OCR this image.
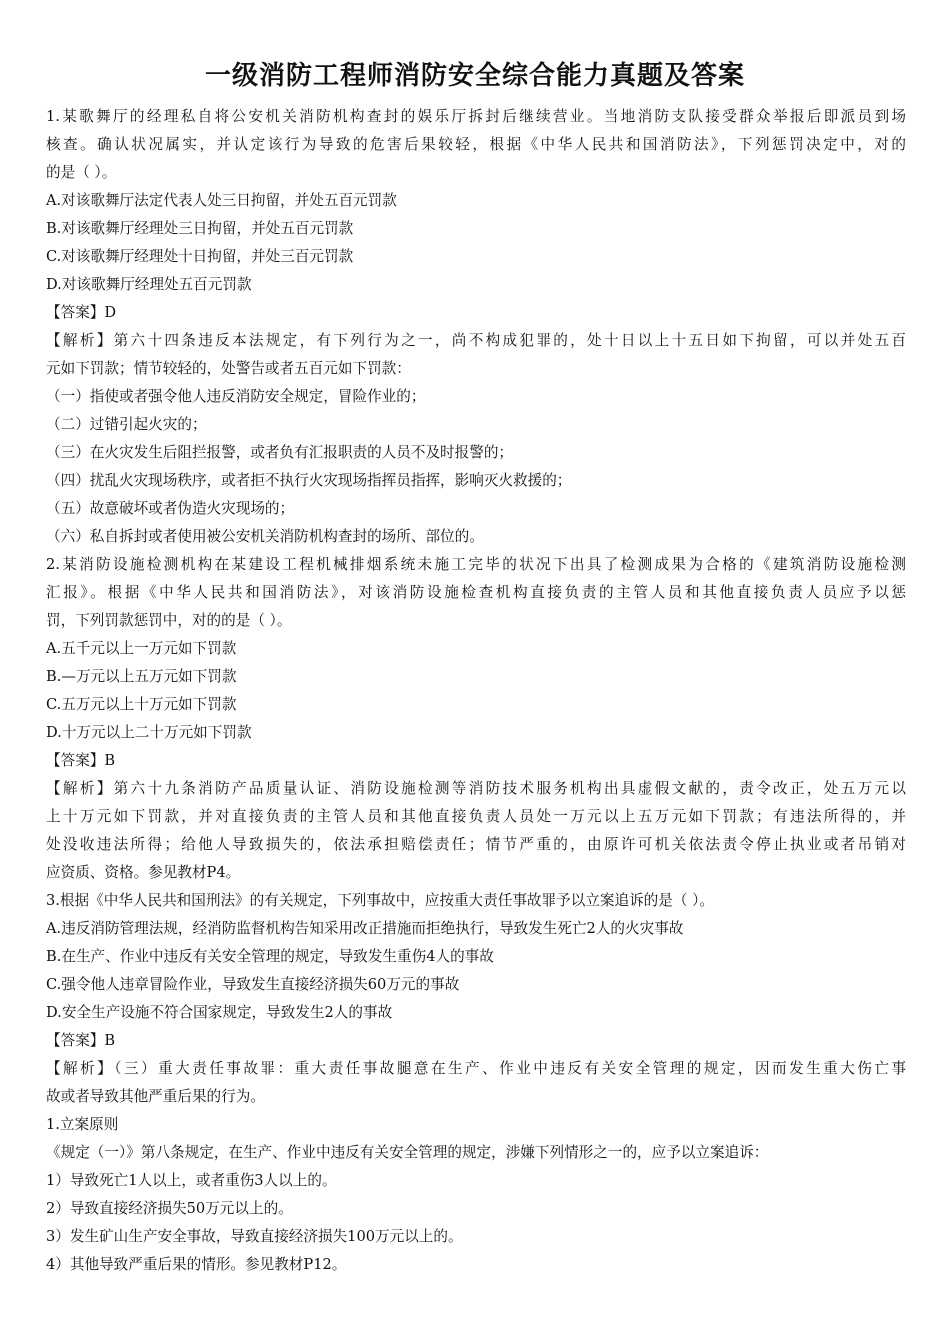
一级消防工程师消防安全综合能力真题及答案
1.某歌舞厅的经理私自将公安机关消防机构查封的娱乐厅拆封后继续营业。当地消防支队接受群众举报后即派员到场
核查。确认状况属实，并认定该行为导致的危害后果较轻，根据《中华人民共和国消防法》，下列惩罚决定中，对的
的是（ ）。
A.对该歌舞厅法定代表人处三日拘留，并处五百元罚款
B.对该歌舞厅经理处三日拘留，并处五百元罚款
C.对该歌舞厅经理处十日拘留，并处三百元罚款
D.对该歌舞厅经理处五百元罚款
【答案】D
【解析】第六十四条违反本法规定，有下列行为之一，尚不构成犯罪的，处十日以上十五日如下拘留，可以并处五百
元如下罚款；情节较轻的，处警告或者五百元如下罚款：
（一）指使或者强令他人违反消防安全规定，冒险作业的；
（二）过错引起火灾的；
（三）在火灾发生后阻拦报警，或者负有汇报职责的人员不及时报警的；
（四）扰乱火灾现场秩序，或者拒不执行火灾现场指挥员指挥，影响灭火救援的；
（五）故意破坏或者伪造火灾现场的；
（六）私自拆封或者使用被公安机关消防机构查封的场所、部位的。
2.某消防设施检测机构在某建设工程机械排烟系统未施工完毕的状况下出具了检测成果为合格的《建筑消防设施检测
汇报》。根据《中华人民共和国消防法》，对该消防设施检查机构直接负责的主管人员和其他直接负责人员应予以惩
罚，下列罚款惩罚中，对的的是（ ）。
A.五千元以上一万元如下罚款
B.—万元以上五万元如下罚款
C.五万元以上十万元如下罚款
D.十万元以上二十万元如下罚款
【答案】B
【解析】第六十九条消防产品质量认证、消防设施检测等消防技术服务机构出具虚假文献的，责令改正，处五万元以
上十万元如下罚款，并对直接负责的主管人员和其他直接负责人员处一万元以上五万元如下罚款；有违法所得的，并
处没收违法所得；给他人导致损失的，依法承担赔偿责任；情节严重的，由原许可机关依法责令停止执业或者吊销对
应资质、资格。参见教材P4。
3.根据《中华人民共和国刑法》的有关规定，下列事故中，应按重大责任事故罪予以立案追诉的是（ ）。
A.违反消防管理法规，经消防监督机构告知采用改正措施而拒绝执行，导致发生死亡2人的火灾事故
B.在生产、作业中违反有关安全管理的规定，导致发生重伤4人的事故
C.强令他人违章冒险作业，导致发生直接经济损失60万元的事故
D.安全生产设施不符合国家规定，导致发生2人的事故
【答案】B
【解析】（三）重大责任事故罪：重大责任事故腿意在生产、作业中违反有关安全管理的规定，因而发生重大伤亡事
故或者导致其他严重后果的行为。
1.立案原则
《规定（一）》第八条规定，在生产、作业中违反有关安全管理的规定，涉嫌下列情形之一的，应予以立案追诉：
1）导致死亡1人以上，或者重伤3人以上的。
2）导致直接经济损失50万元以上的。
3）发生矿山生产安全事故，导致直接经济损失100万元以上的。
4）其他导致严重后果的情形。参见教材P12。
